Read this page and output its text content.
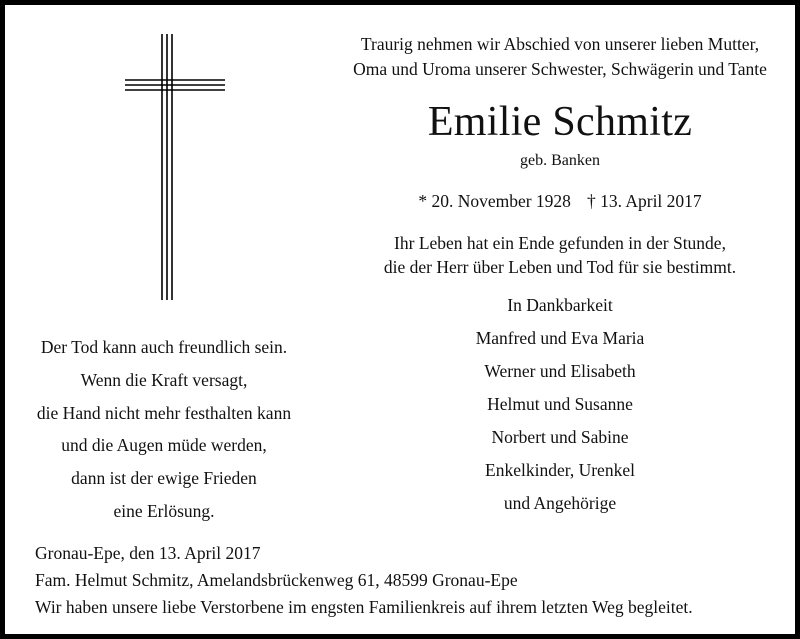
Traurig nehmen wir Abschied von unserer lieben Mutter,
Oma und Uroma unserer Schwester, Schwägerin und Tante
Emilie Schmitz
geb. Banken
* 20. November 1928 † 13. April 2017
Ihr Leben hat ein Ende gefunden in der Stunde,
die der Herr über Leben und Tod für sie bestimmt.
In Dankbarkeit
Manfred und Eva Maria
Werner und Elisabeth
Helmut und Susanne
Norbert und Sabine
Enkelkinder, Urenkel
und Angehörige
Der Tod kann auch freundlich sein.
Wenn die Kraft versagt,
die Hand nicht mehr festhalten kann
und die Augen müde werden,
dann ist der ewige Frieden
eine Erlösung.
Gronau-Epe, den 13. April 2017
Fam. Helmut Schmitz, Amelandsbrückenweg 61, 48599 Gronau-Epe
Wir haben unsere liebe Verstorbene im engsten Familienkreis auf ihrem letzten Weg begleitet.
